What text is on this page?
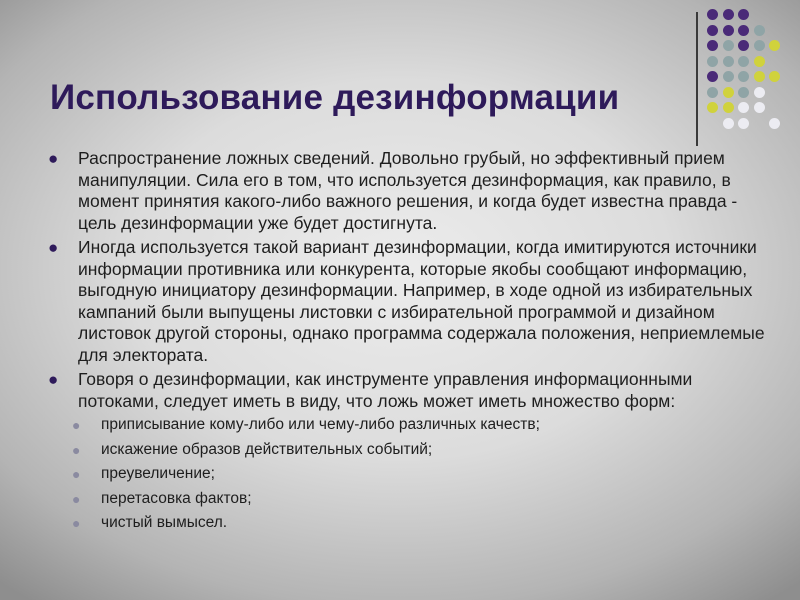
Использование дезинформации
● Распространение ложных сведений. Довольно грубый, но эффективный прием манипуляции. Сила его в том, что используется дезинформация, как правило, в момент принятия какого-либо важного решения, и когда будет известна правда - цель дезинформации уже будет достигнута.
● Иногда используется такой вариант дезинформации, когда имитируются источники информации противника или конкурента, которые якобы сообщают информацию, выгодную инициатору дезинформации. Например, в ходе одной из избирательных кампаний были выпущены листовки с избирательной программой и дизайном листовок другой стороны, однако программа содержала положения, неприемлемые для электората.
● Говоря о дезинформации, как инструменте управления информационными потоками, следует иметь в виду, что ложь может иметь множество форм:
● приписывание кому-либо или чему-либо различных качеств;
● искажение образов действительных событий;
● преувеличение;
● перетасовка фактов;
● чистый вымысел.
